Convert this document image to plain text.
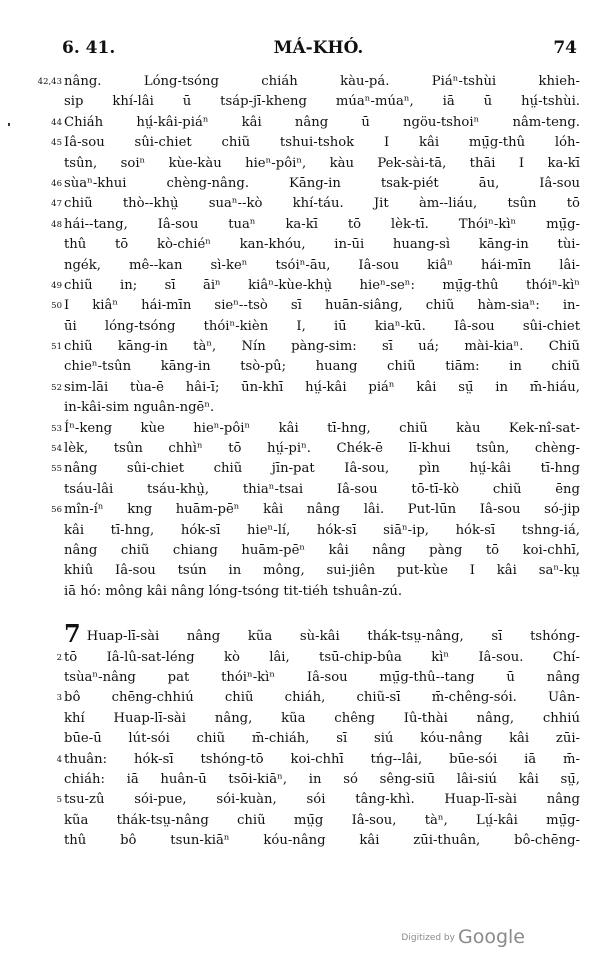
6. 41.	MÁ-KHÓ.	74
42,43 nâng. Lóng-tsóng chiáh kàu-pá. Piáⁿ-tshùi khieh-
sip khí-lâi ū tsáp-jī-kheng múaⁿ-múaⁿ, iā ū hṳ́-tshùi.
44 Chiáh hṳ́-kâi-piáⁿ kâi nâng ū ngöu-tshoiⁿ nâm-teng.
45 Iâ-sou sûi-chiet chiũ tshui-tshok I kâi mṳ̄g-thû lóh-
tsûn, soiⁿ kùe-kàu hieⁿ-pôiⁿ, kàu Pek-sài-tā, thāi I ka-kī
46 sùaⁿ-khui chèng-nâng. Kāng-in tsak-piét āu, Iâ-sou
47 chiũ thò--khṳ̀ suaⁿ--kò khí-táu. Jit àm--liáu, tsûn tō
48 hái--tang, Iâ-sou tuaⁿ ka-kī tō lèk-tī. Thóiⁿ-kìⁿ mṳ̄g-
thû tō kò-chiéⁿ kan-khóu, in-ūi huang-sì kāng-in tùi-
ngék, mê--kan sì-keⁿ tsóiⁿ-āu, Iâ-sou kiâⁿ hái-mīn lâi-
49 chiũ in; sī āiⁿ kiâⁿ-kùe-khṳ̀ hieⁿ-seⁿ: mṳ̄g-thû thóiⁿ-kìⁿ
50 I kiâⁿ hái-mīn sieⁿ--tsò sī huān-siâng, chiũ hàm-siaⁿ: in-
ūi lóng-tsóng thóiⁿ-kièn I, iū kiaⁿ-kū. Iâ-sou sûi-chiet
51 chiũ kāng-in tàⁿ, Nín pàng-sim: sī uá; mài-kiaⁿ. Chiũ
chieⁿ-tsûn kāng-in tsò-pû; huang chiũ tiām: in chiũ
52 sim-lāi tùa-ē hâi-ī; ūn-khī hṳ́-kâi piáⁿ kâi sṳ̄ in m̄-hiáu,
in-kâi-sim nguân-ngēⁿ.
53 Íⁿ-keng kùe hieⁿ-pôiⁿ kâi tī-hng, chiũ kàu Kek-nî-sat-
54 lèk, tsûn chhìⁿ tō hṳ́-piⁿ. Chék-ē lī-khui tsûn, chèng-
55 nâng sûi-chiet chiũ jīn-pat Iâ-sou, pìn hṳ́-kâi tī-hng
tsáu-lâi tsáu-khṳ̀, thiaⁿ-tsai Iâ-sou tō-tī-kò chiũ ēng
56 mîn-íⁿ kng huām-pēⁿ kâi nâng lâi. Put-lūn Iâ-sou só-jip
kâi tī-hng, hók-sī hieⁿ-lí, hók-sī siāⁿ-ip, hók-sī tshng-iá,
nâng chiũ chiang huām-pēⁿ kâi nâng pàng tō koi-chhī,
khiû Iâ-sou tsún in mông, sui-jiên put-kùe I kâi saⁿ-kṳ
iā hó: mông kâi nâng lóng-tsóng tit-tiéh tshuân-zú.
7 Huap-lī-sài nâng kũa sù-kâi thák-tsṳ-nâng, sī tshóng-
2 tō Iâ-lû-sat-léng kò lâi, tsū-chip-bûa kìⁿ Iâ-sou. Chí-
tsùaⁿ-nâng pat thóiⁿ-kìⁿ Iâ-sou mṳ̄g-thû--tang ū nâng
3 bô chēng-chhiú chiũ chiáh, chiũ-sī m̄-chêng-sói. Uân-
khí Huap-lī-sài nâng, kũa chêng Iû-thài nâng, chhiú
būe-ū lút-sói chiũ m̄-chiáh, sī siú kóu-nâng kâi zūi-
4 thuân: hók-sī tshóng-tō koi-chhī tńg--lâi, būe-sói iā m̄-
chiáh: iā huân-ū tsōi-kiāⁿ, in só sêng-siū lâi-siú kâi sṳ̄,
5 tsu-zû sói-pue, sói-kuàn, sói tâng-khì. Huap-lī-sài nâng
kũa thák-tsṳ-nâng chiũ mṳ̄g Iâ-sou, tàⁿ, Lṳ́-kâi mṳ̄g-
thû bô tsun-kiāⁿ kóu-nâng kâi zūi-thuân, bô-chēng-
Digitized by Google
